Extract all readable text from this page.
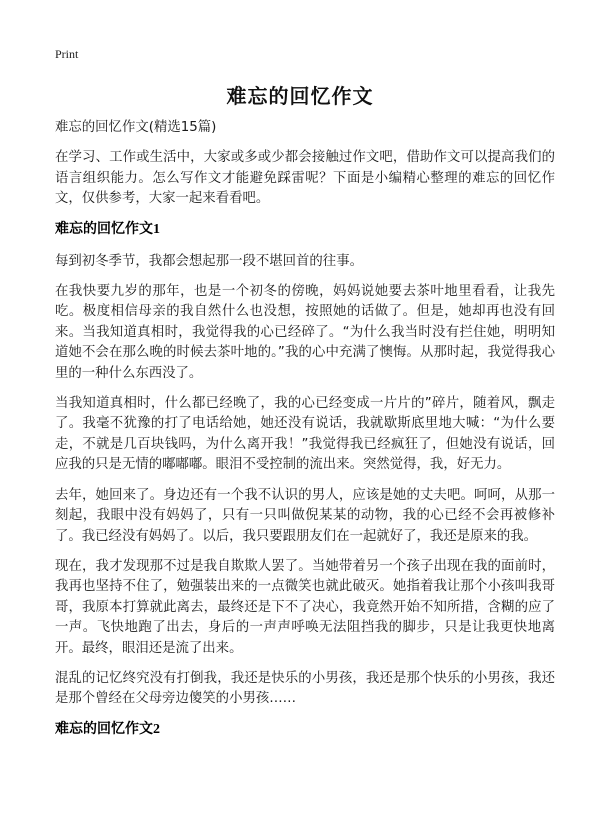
Print
难忘的回忆作文
难忘的回忆作文(精选15篇)

在学习、工作或生活中，大家或多或少都会接触过作文吧，借助作文可以提高我们的语言组织能力。怎么写作文才能避免踩雷呢？下面是小编精心整理的难忘的回忆作文，仅供参考，大家一起来看看吧。

难忘的回忆作文1

每到初冬季节，我都会想起那一段不堪回首的往事。

在我快要九岁的那年，也是一个初冬的傍晚，妈妈说她要去茶叶地里看看，让我先吃。极度相信母亲的我自然什么也没想，按照她的话做了。但是，她却再也没有回来。当我知道真相时，我觉得我的心已经碎了。“为什么我当时没有拦住她，明明知道她不会在那么晚的时候去茶叶地的。”我的心中充满了懊悔。从那时起，我觉得我心里的一种什么东西没了。

当我知道真相时，什么都已经晚了，我的心已经变成一片片的”碎片，随着风，飘走了。我毫不犹豫的打了电话给她，她还没有说话，我就歇斯底里地大喊：“为什么要走，不就是几百块钱吗，为什么离开我！”我觉得我已经疯狂了，但她没有说话，回应我的只是无情的嘟嘟嘟。眼泪不受控制的流出来。突然觉得，我，好无力。

去年，她回来了。身边还有一个我不认识的男人，应该是她的丈夫吧。呵呵，从那一刻起，我眼中没有妈妈了，只有一只叫做倪某某的动物，我的心已经不会再被修补了。我已经没有妈妈了。以后，我只要跟朋友们在一起就好了，我还是原来的我。

现在，我才发现那不过是我自欺欺人罢了。当她带着另一个孩子出现在我的面前时，我再也坚持不住了，勉强装出来的一点微笑也就此破灭。她指着我让那个小孩叫我哥哥，我原本打算就此离去，最终还是下不了决心，我竟然开始不知所措，含糊的应了一声。飞快地跑了出去，身后的一声声呼唤无法阻挡我的脚步，只是让我更快地离开。最终，眼泪还是流了出来。

混乱的记忆终究没有打倒我，我还是快乐的小男孩，我还是那个快乐的小男孩，我还是那个曾经在父母旁边傻笑的小男孩……

难忘的回忆作文2
